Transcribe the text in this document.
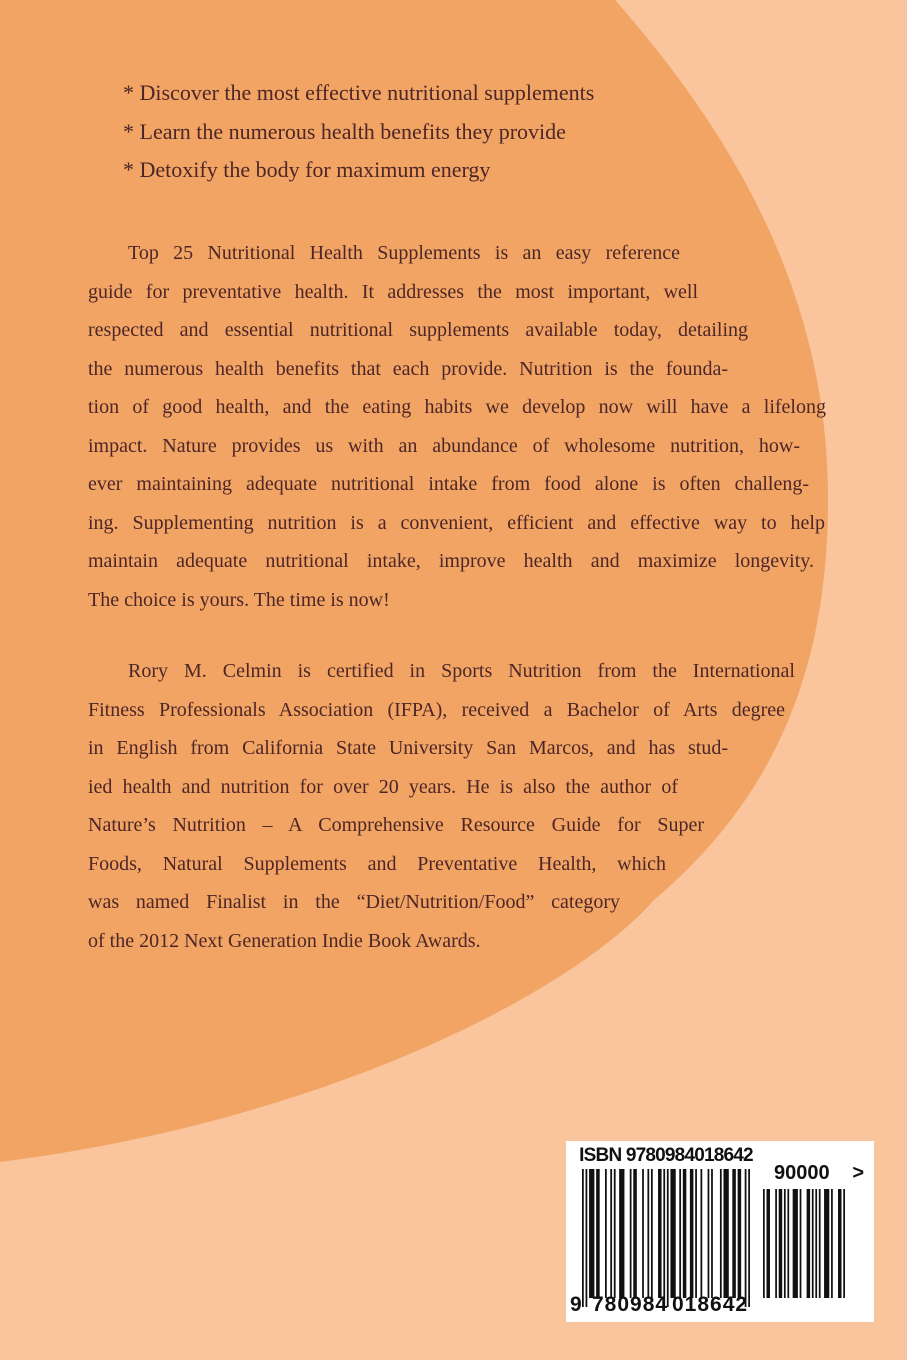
* Discover the most effective nutritional supplements
* Learn the numerous health benefits they provide
* Detoxify the body for maximum energy
Top 25 Nutritional Health Supplements is an easy reference
guide for preventative health. It addresses the most important, well
respected and essential nutritional supplements available today, detailing
the numerous health benefits that each provide. Nutrition is the founda-
tion of good health, and the eating habits we develop now will have a lifelong
impact. Nature provides us with an abundance of wholesome nutrition, how-
ever maintaining adequate nutritional intake from food alone is often challeng-
ing. Supplementing nutrition is a convenient, efficient and effective way to help
maintain adequate nutritional intake, improve health and maximize longevity.
The choice is yours. The time is now!
Rory M. Celmin is certified in Sports Nutrition from the International
Fitness Professionals Association (IFPA), received a Bachelor of Arts degree
in English from California State University San Marcos, and has stud-
ied health and nutrition for over 20 years. He is also the author of
Nature’s Nutrition – A Comprehensive Resource Guide for Super
Foods, Natural Supplements and Preventative Health, which
was named Finalist in the “Diet/Nutrition/Food” category
of the 2012 Next Generation Indie Book Awards.
ISBN 9780984018642
9 780984 018642
90000 >
